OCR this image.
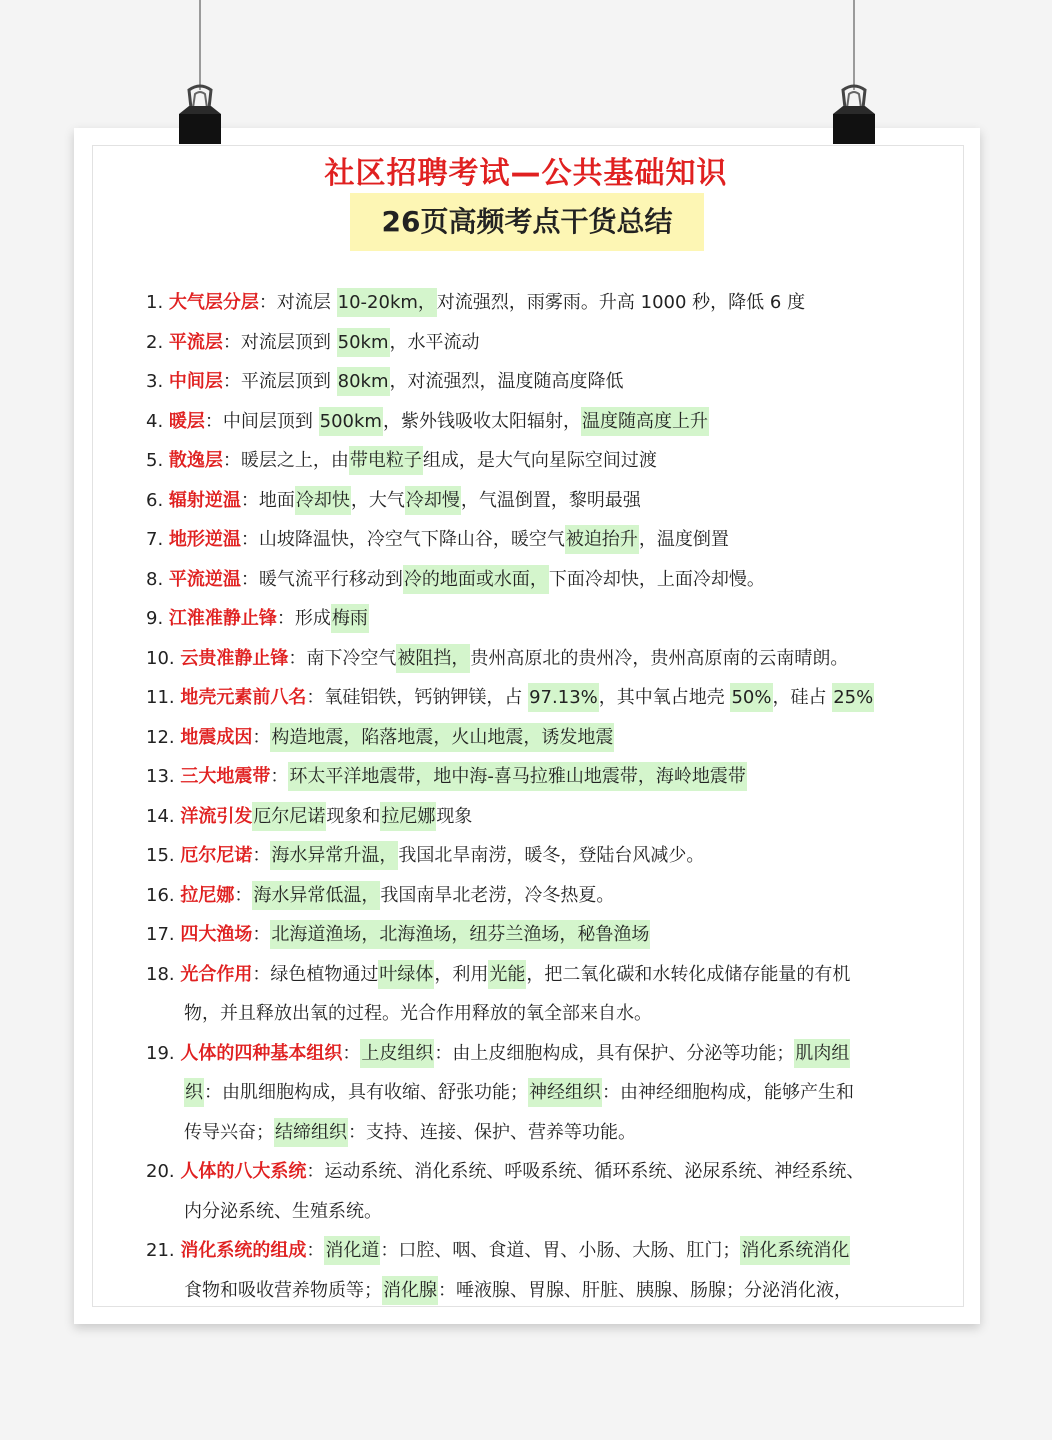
社区招聘考试—公共基础知识
26页高频考点干货总结

1. 大气层分层：对流层 10-20km，对流强烈，雨雾雨。升高 1000 秒，降低 6 度

2. 平流层：对流层顶到 50km，水平流动

3. 中间层：平流层顶到 80km，对流强烈，温度随高度降低

4. 暖层：中间层顶到 500km，紫外钱吸收太阳辐射，温度随高度上升

5. 散逸层：暖层之上，由带电粒子组成，是大气向星际空间过渡

6. 辐射逆温：地面冷却快，大气冷却慢，气温倒置，黎明最强

7. 地形逆温：山坡降温快，冷空气下降山谷，暖空气被迫抬升，温度倒置

8. 平流逆温：暖气流平行移动到冷的地面或水面，下面冷却快，上面冷却慢。

9. 江淮准静止锋：形成梅雨

10. 云贵准静止锋：南下冷空气被阻挡，贵州高原北的贵州冷，贵州高原南的云南晴朗。

11. 地壳元素前八名：氧硅铝铁，钙钠钾镁，占 97.13%，其中氧占地壳 50%，硅占 25%

12. 地震成因：构造地震，陷落地震，火山地震，诱发地震

13. 三大地震带：环太平洋地震带，地中海-喜马拉雅山地震带，海岭地震带

14. 洋流引发厄尔尼诺现象和拉尼娜现象

15. 厄尔尼诺：海水异常升温，我国北旱南涝，暖冬，登陆台风减少。

16. 拉尼娜：海水异常低温，我国南旱北老涝，冷冬热夏。

17. 四大渔场：北海道渔场，北海渔场，纽芬兰渔场，秘鲁渔场

18. 光合作用：绿色植物通过叶绿体，利用光能，把二氧化碳和水转化成储存能量的有机
物，并且释放出氧的过程。光合作用释放的氧全部来自水。

19. 人体的四种基本组织：上皮组织：由上皮细胞构成，具有保护、分泌等功能；肌肉组
织：由肌细胞构成，具有收缩、舒张功能；神经组织：由神经细胞构成，能够产生和
传导兴奋；结缔组织：支持、连接、保护、营养等功能。

20. 人体的八大系统：运动系统、消化系统、呼吸系统、循环系统、泌尿系统、神经系统、
内分泌系统、生殖系统。

21. 消化系统的组成：消化道：口腔、咽、食道、胃、小肠、大肠、肛门；消化系统消化
食物和吸收营养物质等；消化腺：唾液腺、胃腺、肝脏、胰腺、肠腺；分泌消化液，
